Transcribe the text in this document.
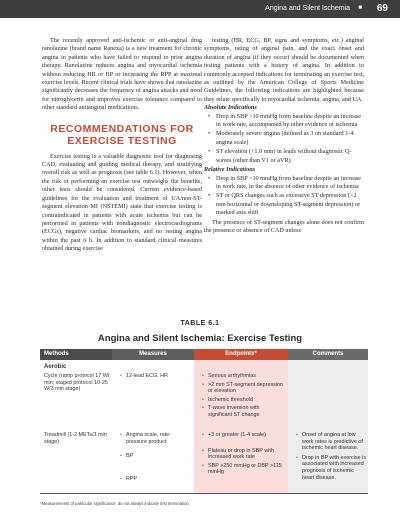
Angina and Silent Ischemia ■ 69

The recently approved anti-ischemic or anti-anginal drug ranolazine (brand name Ranexa) is a new treatment for chronic angina in patients who have failed to respond to prior angina therapy. Ranolazine reduces angina and myocardial ischemia without reducing HR or BP or increasing the RPP at maximal exercise levels. Recent clinical trials have shown that ranolazine significantly decreases the frequency of angina attacks and need for nitroglycerin and improves exercise tolerance compared to other standard antianginal medications.

RECOMMENDATIONS FOR EXERCISE TESTING

Exercise testing is a valuable diagnostic tool for diagnosing CAD, evaluating and guiding medical therapy, and stratifying overall risk as well as prognosis (see table 6.1). However, when the risk of performing an exercise test outweighs the benefits, other tests should be considered. Current evidence-based guidelines for the evaluation and treatment of UA/non-ST-segment elevation MI (NSTEMI) state that exercise testing is contraindicated in patients with acute ischemia but can be performed in patients with nondiagnostic electrocardiograms (ECGs), negative cardiac biomarkers, and no resting angina within the past 6 h. In addition to standard clinical measures obtained during exercise

testing (HR, ECG, BP, signs and symptoms, etc.) anginal symptoms, rating of anginal pain, and the exact onset and duration of angina (if they occur) should be documented when testing patients with a history of angina. In addition to commonly accepted indications for terminating an exercise test, as outlined by the American College of Sports Medicine Guidelines, the following indications are highlighted because they relate specifically to myocardial ischemia, angina, and UA.

Absolute Indications

• Drop in SBP >10 mmHg from baseline despite an increase in work rate, accompanied by other evidence of ischemia
• Moderately severe angina (defined as 3 on standard 1-4 angina scale)
• ST elevation (+1.0 mm) in leads without diagnostic Q-waves (other than V1 or aVR)

Relative Indications

• Drop in SBP >10 mmHg from baseline despite an increase in work rate, in the absence of other evidence of ischemia
• ST or QRS changes such as excessive ST depression (>2 mm horizontal or downsloping ST-segment depression) or marked axis shift

The presence of ST-segment changes alone does not confirm the presence or absence of CAD unless

TABLE 6.1
Angina and Silent Ischemia: Exercise Testing
Methods	Measures	Endpoints*	Comments
Aerobic
Cycle (ramp protocol 17 W/ min; staged protocol 10-25 W/3 min stage)
• 12-lead ECG, HR
•	Serious arrhythmias
• >2 mm ST-segment depression or elevation
• Ischemic threshold
• T-wave inversion with significant ST change
Treadmill (1-2 METs/3 min stage)
• Angina scale, rate-pressure product
• BP
• RPP
• +3 or greater (1-4 scale)
• Plateau or drop in SBP with increased work rate
• SBP >250 mmHg or DBP >115 mmHg
• Onset of angina at low work rates is predictive of ischemic heart disease.
• Drop in BP with exercise is associated with increased prognosis of ischemic heart disease.
*Measurements of particular significance; do not always indicate test termination.
